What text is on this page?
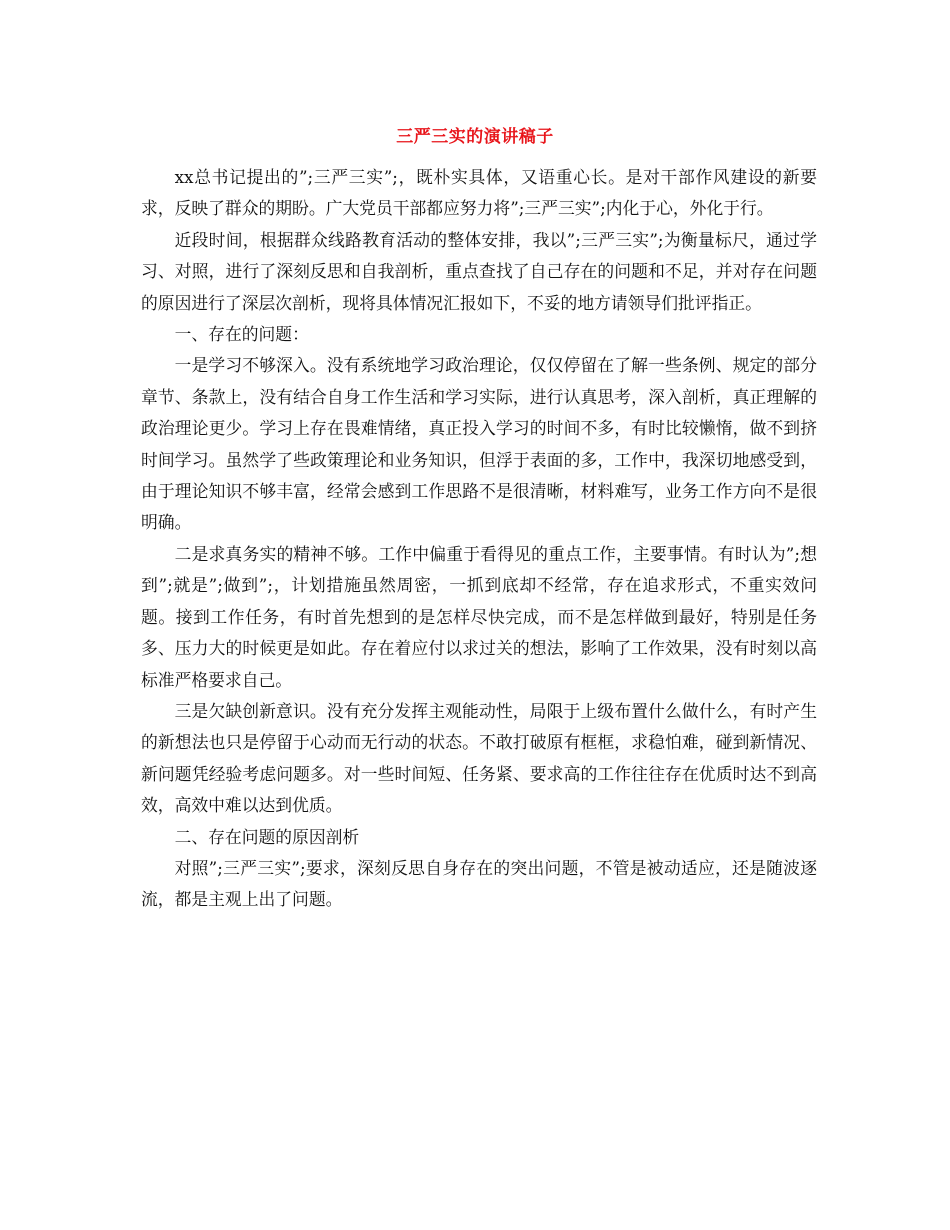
三严三实的演讲稿子

xx总书记提出的”;三严三实”;，既朴实具体，又语重心长。是对干部作风建设的新要求，反映了群众的期盼。广大党员干部都应努力将”;三严三实”;内化于心，外化于行。

近段时间，根据群众线路教育活动的整体安排，我以”;三严三实”;为衡量标尺，通过学习、对照，进行了深刻反思和自我剖析，重点查找了自己存在的问题和不足，并对存在问题的原因进行了深层次剖析，现将具体情况汇报如下，不妥的地方请领导们批评指正。

一、存在的问题：

一是学习不够深入。没有系统地学习政治理论，仅仅停留在了解一些条例、规定的部分章节、条款上，没有结合自身工作生活和学习实际，进行认真思考，深入剖析，真正理解的政治理论更少。学习上存在畏难情绪，真正投入学习的时间不多，有时比较懒惰，做不到挤时间学习。虽然学了些政策理论和业务知识，但浮于表面的多，工作中，我深切地感受到，由于理论知识不够丰富，经常会感到工作思路不是很清晰，材料难写，业务工作方向不是很明确。

二是求真务实的精神不够。工作中偏重于看得见的重点工作，主要事情。有时认为”;想到”;就是”;做到”;，计划措施虽然周密，一抓到底却不经常，存在追求形式，不重实效问题。接到工作任务，有时首先想到的是怎样尽快完成，而不是怎样做到最好，特别是任务多、压力大的时候更是如此。存在着应付以求过关的想法，影响了工作效果，没有时刻以高标准严格要求自己。

三是欠缺创新意识。没有充分发挥主观能动性，局限于上级布置什么做什么，有时产生的新想法也只是停留于心动而无行动的状态。不敢打破原有框框，求稳怕难，碰到新情况、新问题凭经验考虑问题多。对一些时间短、任务紧、要求高的工作往往存在优质时达不到高效，高效中难以达到优质。

二、存在问题的原因剖析

对照”;三严三实”;要求，深刻反思自身存在的突出问题，不管是被动适应，还是随波逐流，都是主观上出了问题。
